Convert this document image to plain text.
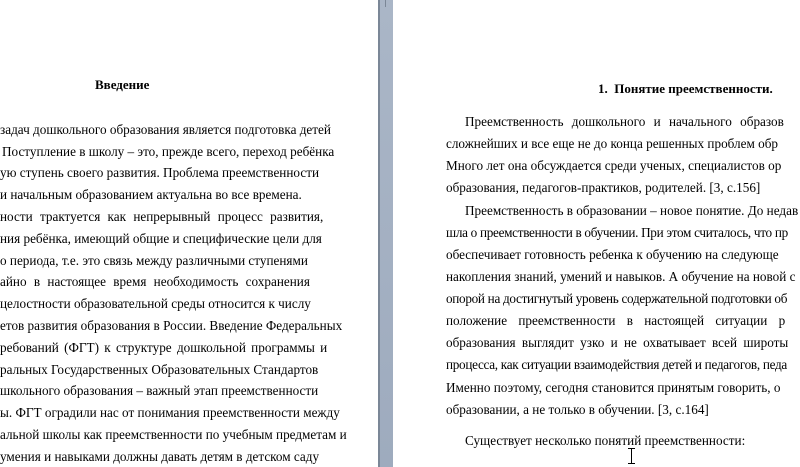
Введение
задач дошкольного образования является подготовка детей
Поступление в школу – это, прежде всего, переход ребёнка
ую ступень своего развития. Проблема преемственности
и начальным образованием актуальна во все времена.
ности трактуется как непрерывный процесс развития,
ния ребёнка, имеющий общие и специфические цели для
о периода, т.е. это связь между различными ступенями
айно в настоящее время необходимость сохранения
целостности образовательной среды относится к числу
етов развития образования в России. Введение Федеральных
ребований (ФГТ) к структуре дошкольной программы и
ральных Государственных Образовательных Стандартов
школьного образования – важный этап преемственности
ы. ФГТ оградили нас от понимания преемственности между
альной школы как преемственности по учебным предметам и
умения и навыками должны давать детям в детском саду
1. Понятие преемственности.
Преемственность дошкольного и начального образов
сложнейших и все еще не до конца решенных проблем обр
Много лет она обсуждается среди ученых, специалистов ор
образования, педагогов-практиков, родителей. [3, с.156]
Преемственность в образовании – новое понятие. До недав
шла о преемственности в обучении. При этом считалось, что пр
обеспечивает готовность ребенка к обучению на следующе
накопления знаний, умений и навыков. А обучение на новой с
опорой на достигнутый уровень содержательной подготовки об
положение преемственности в настоящей ситуации р
образования выглядит узко и не охватывает всей широты
процесса, как ситуации взаимодействия детей и педагогов, педа
Именно поэтому, сегодня становится принятым говорить, о
образовании, а не только в обучении. [3, с.164]
Существует несколько понятий преемственности:
